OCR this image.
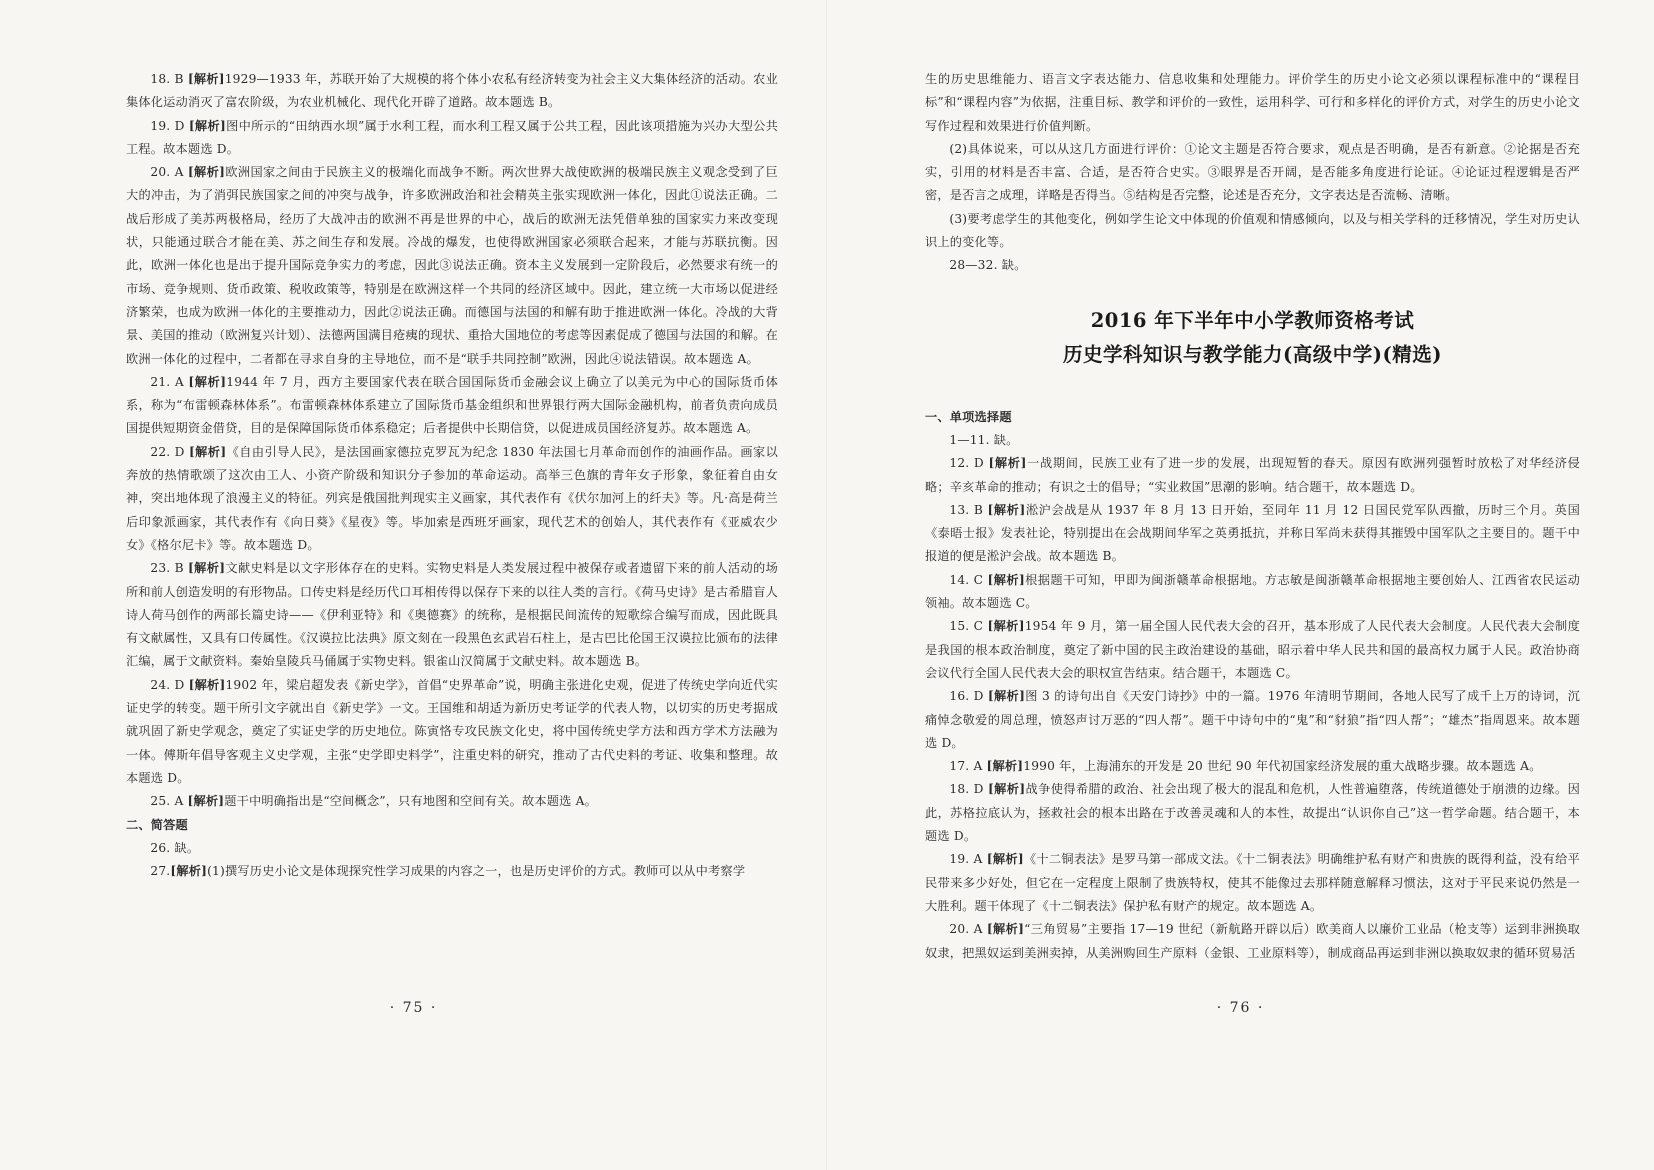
18. B [解析]1929—1933 年，苏联开始了大规模的将个体小农私有经济转变为社会主义大集体经济的活动。农业集体化运动消灭了富农阶级，为农业机械化、现代化开辟了道路。故本题选 B。

19. D [解析]图中所示的“田纳西水坝”属于水利工程，而水利工程又属于公共工程，因此该项措施为兴办大型公共工程。故本题选 D。

20. A [解析]欧洲国家之间由于民族主义的极端化而战争不断。两次世界大战使欧洲的极端民族主义观念受到了巨大的冲击，为了消弭民族国家之间的冲突与战争，许多欧洲政治和社会精英主张实现欧洲一体化，因此①说法正确。二战后形成了美苏两极格局，经历了大战冲击的欧洲不再是世界的中心，战后的欧洲无法凭借单独的国家实力来改变现状，只能通过联合才能在美、苏之间生存和发展。冷战的爆发，也使得欧洲国家必须联合起来，才能与苏联抗衡。因此，欧洲一体化也是出于提升国际竞争实力的考虑，因此③说法正确。资本主义发展到一定阶段后，必然要求有统一的市场、竞争规则、货币政策、税收政策等，特别是在欧洲这样一个共同的经济区域中。因此，建立统一大市场以促进经济繁荣，也成为欧洲一体化的主要推动力，因此②说法正确。而德国与法国的和解有助于推进欧洲一体化。冷战的大背景、美国的推动（欧洲复兴计划）、法德两国满目疮痍的现状、重拾大国地位的考虑等因素促成了德国与法国的和解。在欧洲一体化的过程中，二者都在寻求自身的主导地位，而不是“联手共同控制”欧洲，因此④说法错误。故本题选 A。

21. A [解析]1944 年 7 月，西方主要国家代表在联合国国际货币金融会议上确立了以美元为中心的国际货币体系，称为“布雷顿森林体系”。布雷顿森林体系建立了国际货币基金组织和世界银行两大国际金融机构，前者负责向成员国提供短期资金借贷，目的是保障国际货币体系稳定；后者提供中长期信贷，以促进成员国经济复苏。故本题选 A。

22. D [解析]《自由引导人民》，是法国画家德拉克罗瓦为纪念 1830 年法国七月革命而创作的油画作品。画家以奔放的热情歌颂了这次由工人、小资产阶级和知识分子参加的革命运动。高举三色旗的青年女子形象，象征着自由女神，突出地体现了浪漫主义的特征。列宾是俄国批判现实主义画家，其代表作有《伏尔加河上的纤夫》等。凡·高是荷兰后印象派画家，其代表作有《向日葵》《星夜》等。毕加索是西班牙画家，现代艺术的创始人，其代表作有《亚威农少女》《格尔尼卡》等。故本题选 D。

23. B [解析]文献史料是以文字形体存在的史料。实物史料是人类发展过程中被保存或者遗留下来的前人活动的场所和前人创造发明的有形物品。口传史料是经历代口耳相传得以保存下来的以往人类的言行。《荷马史诗》是古希腊盲人诗人荷马创作的两部长篇史诗——《伊利亚特》和《奥德赛》的统称，是根据民间流传的短歌综合编写而成，因此既具有文献属性，又具有口传属性。《汉谟拉比法典》原文刻在一段黑色玄武岩石柱上，是古巴比伦国王汉谟拉比颁布的法律汇编，属于文献资料。秦始皇陵兵马俑属于实物史料。银雀山汉简属于文献史料。故本题选 B。

24. D [解析]1902 年，梁启超发表《新史学》，首倡“史界革命”说，明确主张进化史观，促进了传统史学向近代实证史学的转变。题干所引文字就出自《新史学》一文。王国维和胡适为新历史考证学的代表人物，以切实的历史考据成就巩固了新史学观念，奠定了实证史学的历史地位。陈寅恪专攻民族文化史，将中国传统史学方法和西方学术方法融为一体。傅斯年倡导客观主义史学观，主张“史学即史料学”，注重史料的研究，推动了古代史料的考证、收集和整理。故本题选 D。

25. A [解析]题干中明确指出是“空间概念”，只有地图和空间有关。故本题选 A。

二、简答题

26. 缺。

27.[解析](1)撰写历史小论文是体现探究性学习成果的内容之一，也是历史评价的方式。教师可以从中考察学

· 75 ·

生的历史思维能力、语言文字表达能力、信息收集和处理能力。评价学生的历史小论文必须以课程标准中的“课程目标”和“课程内容”为依据，注重目标、教学和评价的一致性，运用科学、可行和多样化的评价方式，对学生的历史小论文写作过程和效果进行价值判断。

(2)具体说来，可以从这几方面进行评价：①论文主题是否符合要求，观点是否明确，是否有新意。②论据是否充实，引用的材料是否丰富、合适，是否符合史实。③眼界是否开阔，是否能多角度进行论证。④论证过程逻辑是否严密，是否言之成理，详略是否得当。⑤结构是否完整，论述是否充分，文字表达是否流畅、清晰。

(3)要考虑学生的其他变化，例如学生论文中体现的价值观和情感倾向，以及与相关学科的迁移情况，学生对历史认识上的变化等。

28—32. 缺。

2016 年下半年中小学教师资格考试
历史学科知识与教学能力(高级中学)(精选)

一、单项选择题

1—11. 缺。

12. D [解析]一战期间，民族工业有了进一步的发展，出现短暂的春天。原因有欧洲列强暂时放松了对华经济侵略；辛亥革命的推动；有识之士的倡导；“实业救国”思潮的影响。结合题干，故本题选 D。

13. B [解析]淞沪会战是从 1937 年 8 月 13 日开始，至同年 11 月 12 日国民党军队西撤，历时三个月。英国《泰晤士报》发表社论，特别提出在会战期间华军之英勇抵抗，并称日军尚未获得其摧毁中国军队之主要目的。题干中报道的便是淞沪会战。故本题选 B。

14. C [解析]根据题干可知，甲即为闽浙赣革命根据地。方志敏是闽浙赣革命根据地主要创始人、江西省农民运动领袖。故本题选 C。

15. C [解析]1954 年 9 月，第一届全国人民代表大会的召开，基本形成了人民代表大会制度。人民代表大会制度是我国的根本政治制度，奠定了新中国的民主政治建设的基础，昭示着中华人民共和国的最高权力属于人民。政治协商会议代行全国人民代表大会的职权宣告结束。结合题干，本题选 C。

16. D [解析]图 3 的诗句出自《天安门诗抄》中的一篇。1976 年清明节期间，各地人民写了成千上万的诗词，沉痛悼念敬爱的周总理，愤怒声讨万恶的“四人帮”。题干中诗句中的“鬼”和“豺狼”指“四人帮”；“雄杰”指周恩来。故本题选 D。

17. A [解析]1990 年，上海浦东的开发是 20 世纪 90 年代初国家经济发展的重大战略步骤。故本题选 A。

18. D [解析]战争使得希腊的政治、社会出现了极大的混乱和危机，人性普遍堕落，传统道德处于崩溃的边缘。因此，苏格拉底认为，拯救社会的根本出路在于改善灵魂和人的本性，故提出“认识你自己”这一哲学命题。结合题干，本题选 D。

19. A [解析]《十二铜表法》是罗马第一部成文法。《十二铜表法》明确维护私有财产和贵族的既得利益，没有给平民带来多少好处，但它在一定程度上限制了贵族特权，使其不能像过去那样随意解释习惯法，这对于平民来说仍然是一大胜利。题干体现了《十二铜表法》保护私有财产的规定。故本题选 A。

20. A [解析]“三角贸易”主要指 17—19 世纪（新航路开辟以后）欧美商人以廉价工业品（枪支等）运到非洲换取奴隶，把黑奴运到美洲卖掉，从美洲购回生产原料（金银、工业原料等），制成商品再运到非洲以换取奴隶的循环贸易活

· 76 ·
